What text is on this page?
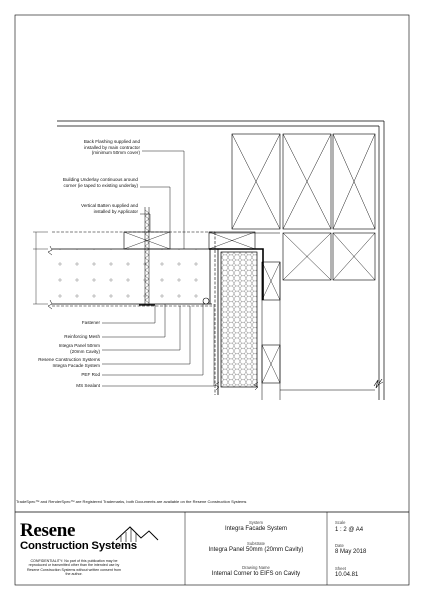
Back Flashing supplied and installed by main contractor (minimum 50mm cover)
Building Underlay continuous around corner (ie taped to existing underlay)
Vertical Batten supplied and installed by Applicator
Fastener
Reinforcing Mesh
Integra Panel 50mm (20mm Cavity)
Resene Construction Systems Integra Facade System
PEF Rod
MS Sealant
TradeSpec™ and RenderSpec™ are Registered Trademarks, both Documents are available on the Resene Construction Systems
Resene
Construction Systems
CONFIDENTIALITY: No part of this publication may be reproduced or transmitted other than the intended use by Resene Construction Systems without written consent from the author.
System
Integra Facade System
Substrate
Integra Panel 50mm (20mm Cavity)
Drawing Name
Internal Corner to EIFS on Cavity
Scale
1 : 2 @ A4
Date
8 May 2018
Sheet
10.04.81
